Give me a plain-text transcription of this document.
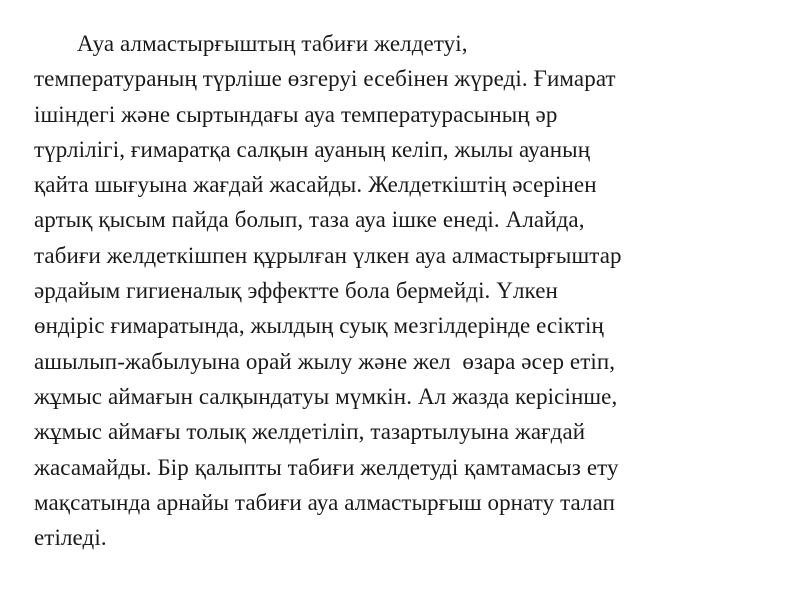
Ауа алмастырғыштың табиғи желдетуі,
температураның түрліше өзгеруі есебінен жүреді. Ғимарат
ішіндегі және сыртындағы ауа температурасының әр
түрлілігі, ғимаратқа салқын ауаның келіп, жылы ауаның
қайта шығуына жағдай жасайды. Желдеткіштің әсерінен
артық қысым пайда болып, таза ауа ішке енеді. Алайда,
табиғи желдеткішпен құрылған үлкен ауа алмастырғыштар
әрдайым гигиеналық эффектте бола бермейді. Үлкен
өндіріс ғимаратында, жылдың суық мезгілдерінде есіктің
ашылып-жабылуына орай жылу және жел  өзара әсер етіп,
жұмыс аймағын салқындатуы мүмкін. Ал жазда керісінше,
жұмыс аймағы толық желдетіліп, тазартылуына жағдай
жасамайды. Бір қалыпты табиғи желдетуді қамтамасыз ету
мақсатында арнайы табиғи ауа алмастырғыш орнату талап
етіледі.
